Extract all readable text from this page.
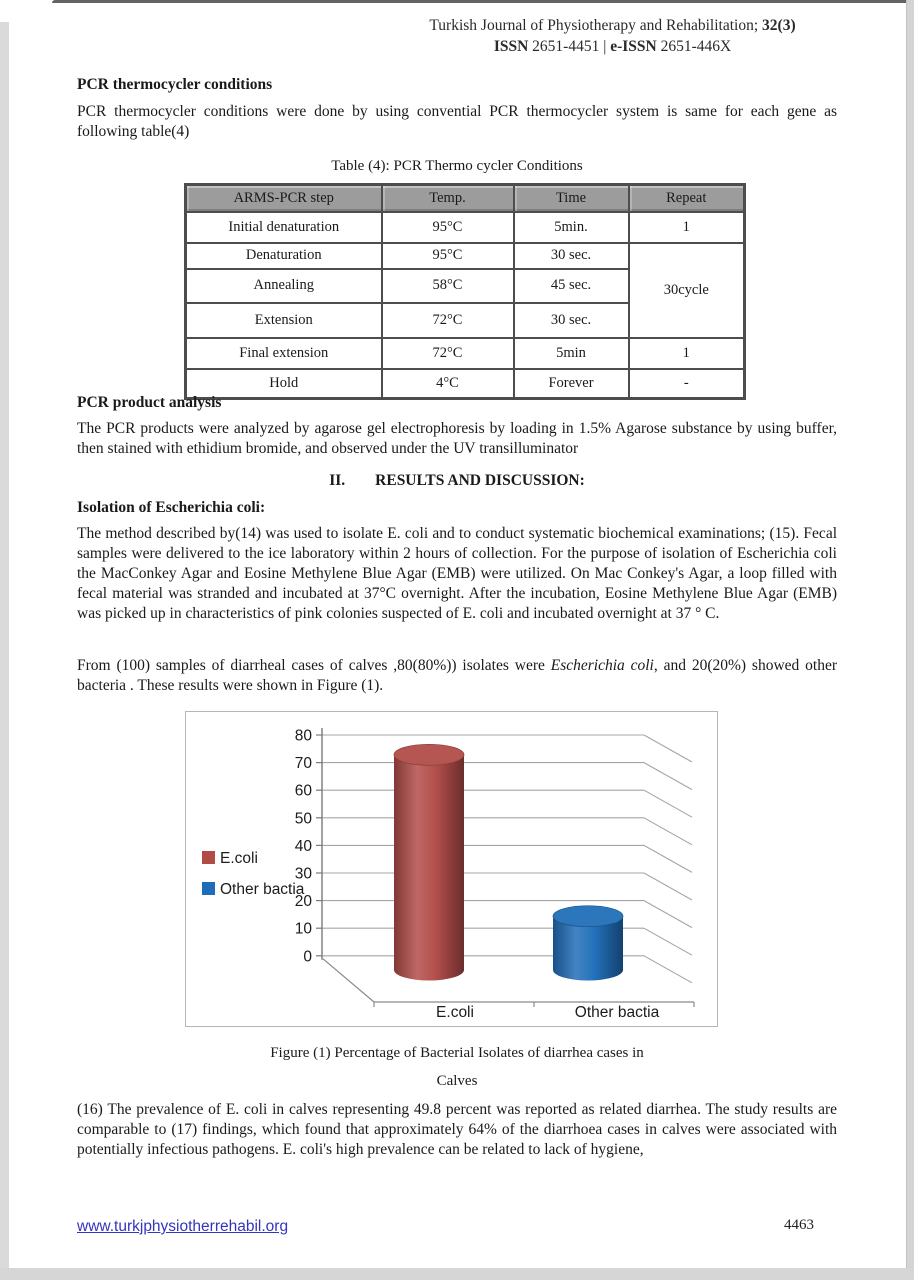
Turkish Journal of Physiotherapy and Rehabilitation; 32(3)
ISSN 2651-4451 | e-ISSN 2651-446X
PCR thermocycler conditions

PCR thermocycler conditions were done by using convential PCR thermocycler system is same for each gene as following table(4)

Table (4): PCR Thermo cycler Conditions
ARMS-PCR step	Temp.	Time	Repeat
Initial denaturation	95°C	5min.	1
Denaturation	95°C	30 sec.	30cycle
Annealing	58°C	45 sec.	
Extension	72°C	30 sec.	
Final extension	72°C	5min	1
Hold	4°C	Forever	-
PCR product analysis

The PCR products were analyzed by agarose gel electrophoresis by loading in 1.5% Agarose substance by using buffer, then stained with ethidium bromide, and observed under the UV transilluminator

II. RESULTS AND DISCUSSION:
Isolation of Escherichia coli:

The method described by(14) was used to isolate E. coli and to conduct systematic biochemical examinations; (15). Fecal samples were delivered to the ice laboratory within 2 hours of collection. For the purpose of isolation of Escherichia coli the MacConkey Agar and Eosine Methylene Blue Agar (EMB) were utilized. On Mac Conkey's Agar, a loop filled with fecal material was stranded and incubated at 37°C overnight. After the incubation, Eosine Methylene Blue Agar (EMB) was picked up in characteristics of pink colonies suspected of E. coli and incubated overnight at 37 ° C.

From (100) samples of diarrheal cases of calves ,80(80%)) isolates were Escherichia coli, and 20(20%) showed other bacteria . These results were shown in Figure (1).

0
10
20
30
40
50
60
70
80
E.coli	Other bactia
E.coli
Other bactia
Figure (1) Percentage of Bacterial Isolates of diarrhea cases in
Calves

(16) The prevalence of E. coli in calves representing 49.8 percent was reported as related diarrhea. The study results are comparable to (17) findings, which found that approximately 64% of the diarrhoea cases in calves were associated with potentially infectious pathogens. E. coli's high prevalence can be related to lack of hygiene,

www.turkjphysiotherrehabil.org	4463
